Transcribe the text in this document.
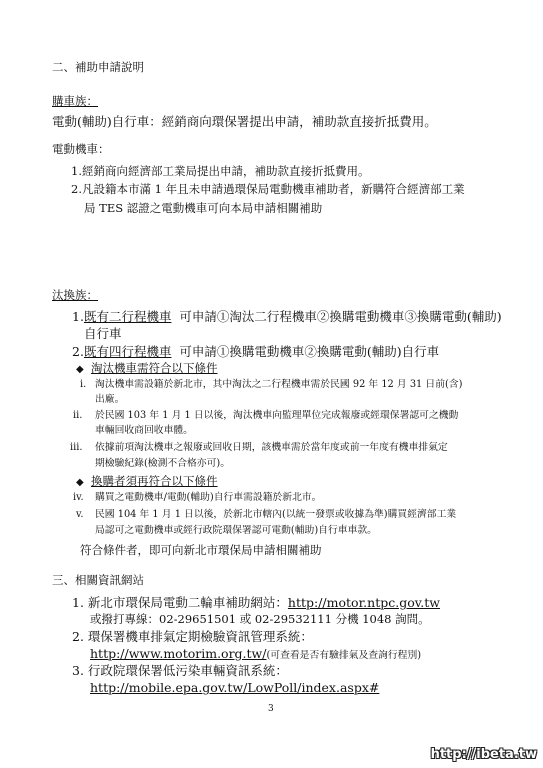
二、補助申請說明
購車族：
電動(輔助)自行車：經銷商向環保署提出申請，補助款直接折抵費用。
電動機車：
1.經銷商向經濟部工業局提出申請，補助款直接折抵費用。
2.凡設籍本市滿 1 年且未申請過環保局電動機車補助者，新購符合經濟部工業
局 TES 認證之電動機車可向本局申請相關補助
汰換族：
1.既有二行程機車 可申請①淘汰二行程機車②換購電動機車③換購電動(輔助)
自行車
2.既有四行程機車 可申請①換購電動機車②換購電動(輔助)自行車
◆ 淘汰機車需符合以下條件
i. 淘汰機車需設籍於新北市，其中淘汰之二行程機車需於民國 92 年 12 月 31 日前(含)
出廠。
ii. 於民國 103 年 1 月 1 日以後，淘汰機車向監理單位完成報廢或經環保署認可之機動
車輛回收商回收車體。
iii. 依據前項淘汰機車之報廢或回收日期，該機車需於當年度或前一年度有機車排氣定
期檢驗紀錄(檢測不合格亦可)。
◆ 換購者須再符合以下條件
iv. 購買之電動機車/電動(輔助)自行車需設籍於新北市。
v. 民國 104 年 1 月 1 日以後，於新北市轄內(以統一發票或收據為準)購買經濟部工業
局認可之電動機車或經行政院環保署認可電動(輔助)自行車車款。
符合條件者，即可向新北市環保局申請相關補助
三、相關資訊網站
1. 新北市環保局電動二輪車補助網站：http://motor.ntpc.gov.tw
或撥打專線：02-29651501 或 02-29532111 分機 1048 詢問。
2. 環保署機車排氣定期檢驗資訊管理系統：
http://www.motorim.org.tw/(可查看是否有驗排氣及查詢行程別)
3. 行政院環保署低污染車輛資訊系統：
http://mobile.epa.gov.tw/LowPoll/index.aspx#
3
http://ibeta.tw
